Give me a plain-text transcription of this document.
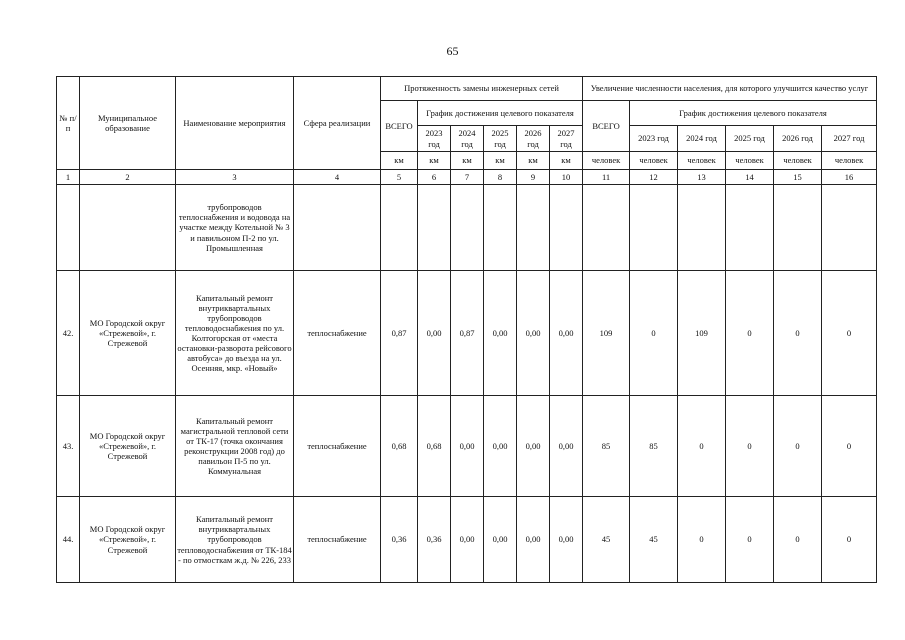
65
№ п/п	Муниципальное образование	Наименование мероприятия	Сфера реализации	Протяженность замены инженерных сетей						Увеличение численности населения, для которого улучшится качество услуг					
				ВСЕГО	График достижения целевого показателя					ВСЕГО	График достижения целевого показателя				
					2023 год	2024 год	2025 год	2026 год	2027 год		2023 год	2024 год	2025 год	2026 год	2027 год
				км	км	км	км	км	км	человек	человек	человек	человек	человек	человек
1	2	3	4	5	6	7	8	9	10	11	12	13	14	15	16
		трубопроводов теплоснабжения и водовода на участке между Котельной № 3 и павильоном П-2 по ул. Промышленная													
42.	МО Городской округ «Стрежевой», г. Стрежевой	Капитальный ремонт внутриквартальных трубопроводов тепловодоснабжения по ул. Колтогорская от «места остановки-разворота рейсового автобуса» до въезда на ул. Осенняя, мкр. «Новый»	теплоснабжение	0,87	0,00	0,87	0,00	0,00	0,00	109	0	109	0	0	0
43.	МО Городской округ «Стрежевой», г. Стрежевой	Капитальный ремонт магистральной тепловой сети от ТК-17 (точка окончания реконструкции 2008 год) до павильон П-5 по ул. Коммунальная	теплоснабжение	0,68	0,68	0,00	0,00	0,00	0,00	85	85	0	0	0	0
44.	МО Городской округ «Стрежевой», г. Стрежевой	Капитальный ремонт внутриквартальных трубопроводов тепловодоснабжения от ТК-184 - по отмосткам ж.д. № 226, 233	теплоснабжение	0,36	0,36	0,00	0,00	0,00	0,00	45	45	0	0	0	0
